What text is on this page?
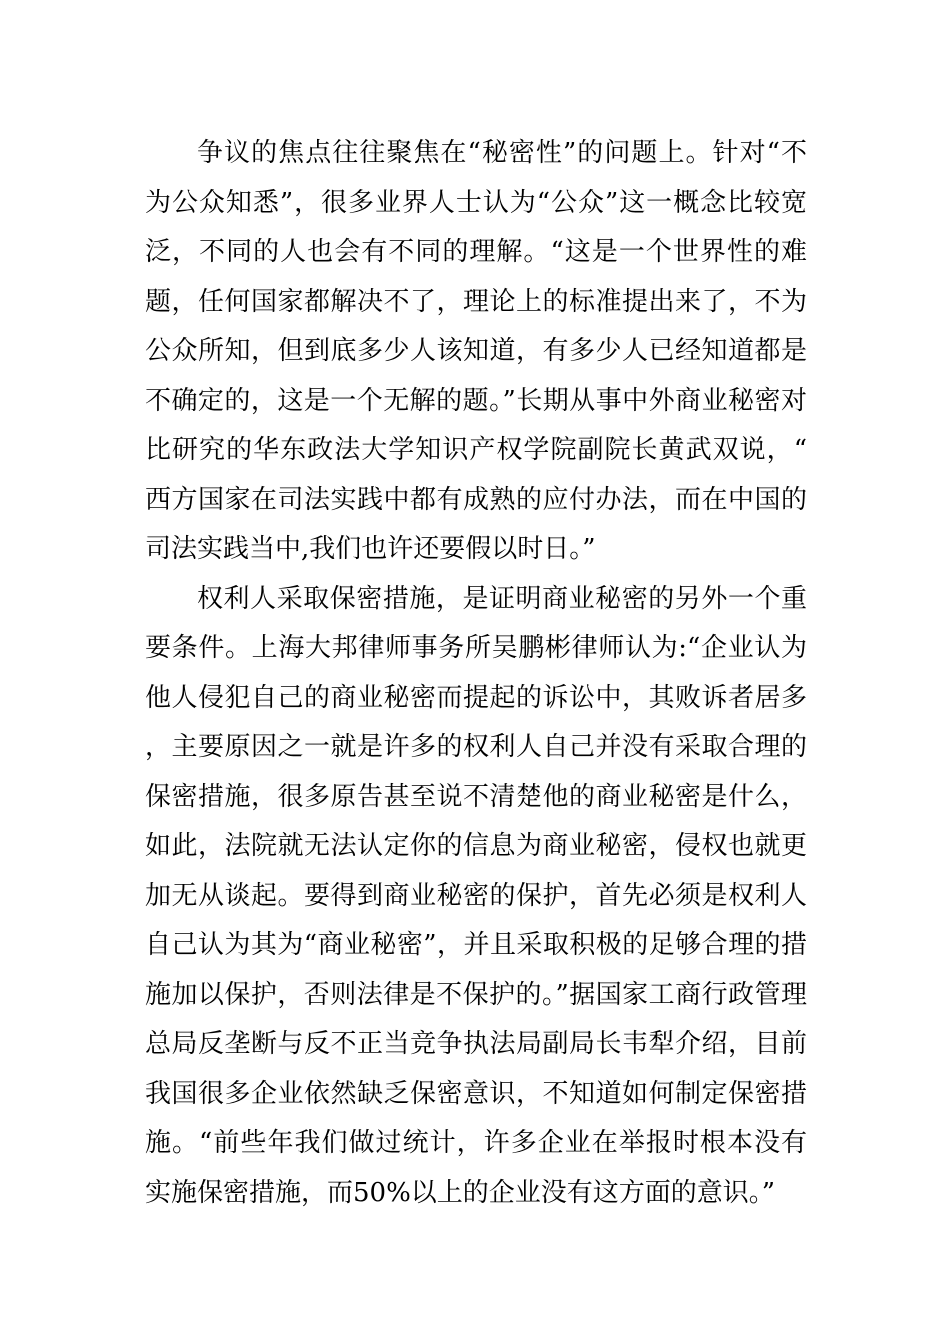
争议的焦点往往聚焦在“秘密性”的问题上。针对“不为公众知悉”，很多业界人士认为“公众”这一概念比较宽泛，不同的人也会有不同的理解。“这是一个世界性的难题，任何国家都解决不了，理论上的标准提出来了，不为公众所知，但到底多少人该知道，有多少人已经知道都是不确定的，这是一个无解的题。”长期从事中外商业秘密对比研究的华东政法大学知识产权学院副院长黄武双说，“西方国家在司法实践中都有成熟的应付办法，而在中国的司法实践当中,我们也许还要假以时日。”

权利人采取保密措施，是证明商业秘密的另外一个重要条件。上海大邦律师事务所吴鹏彬律师认为:“企业认为他人侵犯自己的商业秘密而提起的诉讼中，其败诉者居多，主要原因之一就是许多的权利人自己并没有采取合理的保密措施，很多原告甚至说不清楚他的商业秘密是什么，如此，法院就无法认定你的信息为商业秘密，侵权也就更加无从谈起。要得到商业秘密的保护，首先必须是权利人自己认为其为“商业秘密”，并且采取积极的足够合理的措施加以保护，否则法律是不保护的。”据国家工商行政管理总局反垄断与反不正当竞争执法局副局长韦犁介绍，目前我国很多企业依然缺乏保密意识，不知道如何制定保密措施。“前些年我们做过统计，许多企业在举报时根本没有实施保密措施，而50%以上的企业没有这方面的意识。”
